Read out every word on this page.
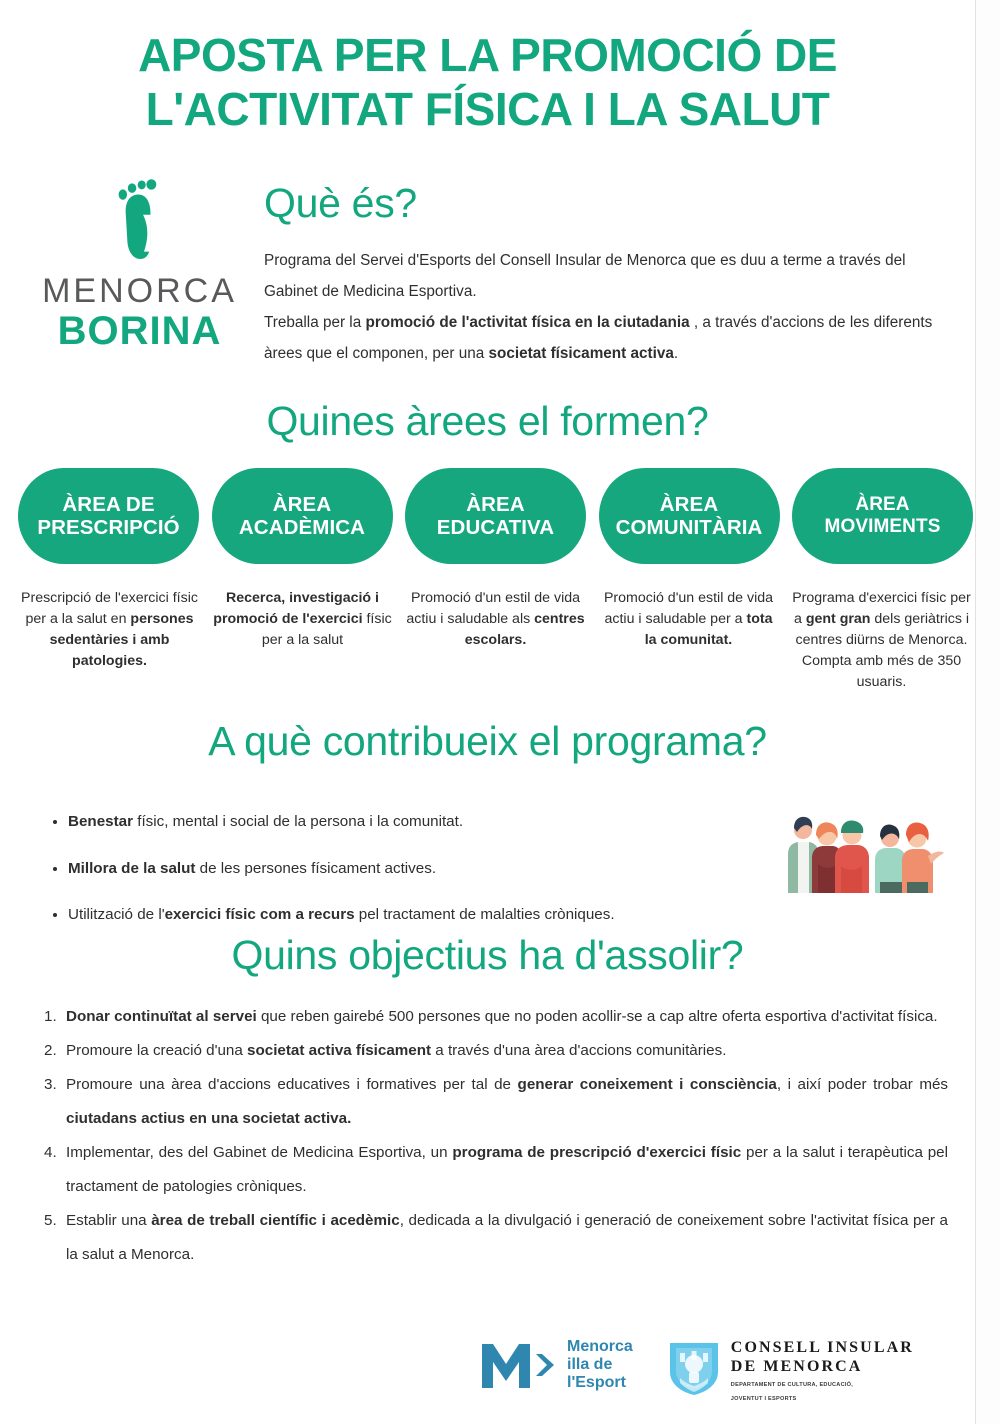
APOSTA PER LA PROMOCIÓ DE
L'ACTIVITAT FÍSICA I LA SALUT
MENORCA
BORINA
Què és?

Programa del Servei d'Esports del Consell Insular de Menorca que es duu a terme a través del Gabinet de Medicina Esportiva.

Treballa per la promoció de l'activitat física en la ciutadania , a través d'accions de les diferents àrees que el componen, per una societat físicament activa.

Quines àrees el formen?
ÀREA DE PRESCRIPCIÓ
ÀREA ACADÈMICA
ÀREA EDUCATIVA
ÀREA COMUNITÀRIA
ÀREA MOVIMENTS
Prescripció de l'exercici físic per a la salut en persones sedentàries i amb patologies.
Recerca, investigació i promoció de l'exercici físic per a la salut
Promoció d'un estil de vida actiu i saludable als centres escolars.
Promoció d'un estil de vida actiu i saludable per a tota la comunitat.
Programa d'exercici físic per a gent gran dels geriàtrics i centres diürns de Menorca. Compta amb més de 350 usuaris.
A què contribueix el programa?
• Benestar físic, mental i social de la persona i la comunitat.
• Millora de la salut de les persones físicament actives.
• Utilització de l'exercici físic com a recurs pel tractament de malalties cròniques.
Quins objectius ha d'assolir?
1. Donar continuïtat al servei que reben gairebé 500 persones que no poden acollir-se a cap altre oferta esportiva d'activitat física.
2. Promoure la creació d'una societat activa físicament a través d'una àrea d'accions comunitàries.
3. Promoure una àrea d'accions educatives i formatives per tal de generar coneixement i consciència, i així poder trobar més ciutadans actius en una societat activa.
4. Implementar, des del Gabinet de Medicina Esportiva, un programa de prescripció d'exercici físic per a la salut i terapèutica pel tractament de patologies cròniques.
5. Establir una àrea de treball científic i acedèmic, dedicada a la divulgació i generació de coneixement sobre l'activitat física per a la salut a Menorca.
Menorca
illa de
l'Esport
CONSELL INSULAR
DE MENORCA
DEPARTAMENT DE CULTURA, EDUCACIÓ,
JOVENTUT I ESPORTS
